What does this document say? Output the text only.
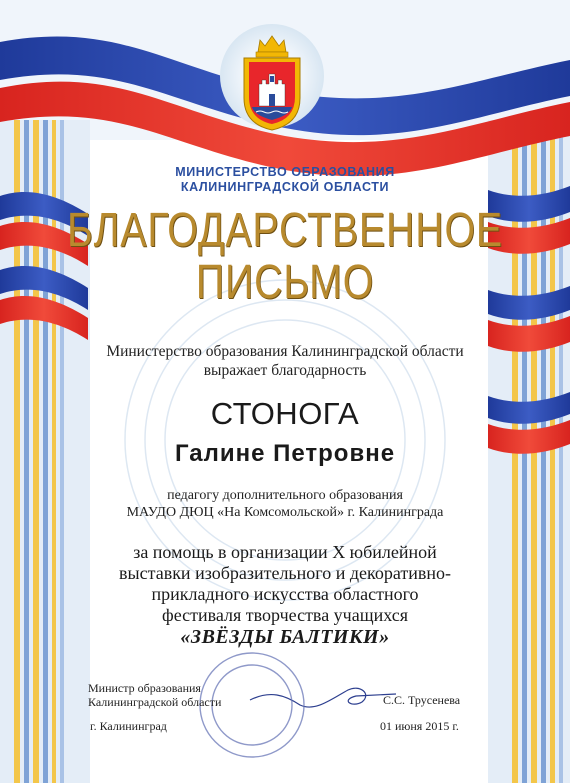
МИНИСТЕРСТВО ОБРАЗОВАНИЯ
КАЛИНИНГРАДСКОЙ ОБЛАСТИ
БЛАГОДАРСТВЕННОЕ
ПИСЬМО
Министерство образования Калининградской области
выражает благодарность
СТОНОГА
Галине Петровне
педагогу дополнительного образования
МАУДО ДЮЦ «На Комсомольской» г. Калининграда
за помощь в организации X юбилейной
выставки изобразительного и декоративно-
прикладного искусства областного
фестиваля творчества учащихся
«ЗВЁЗДЫ БАЛТИКИ»
Министр образования
Калининградской области	С.С. Трусенева
г. Калининград	01 июня 2015 г.
